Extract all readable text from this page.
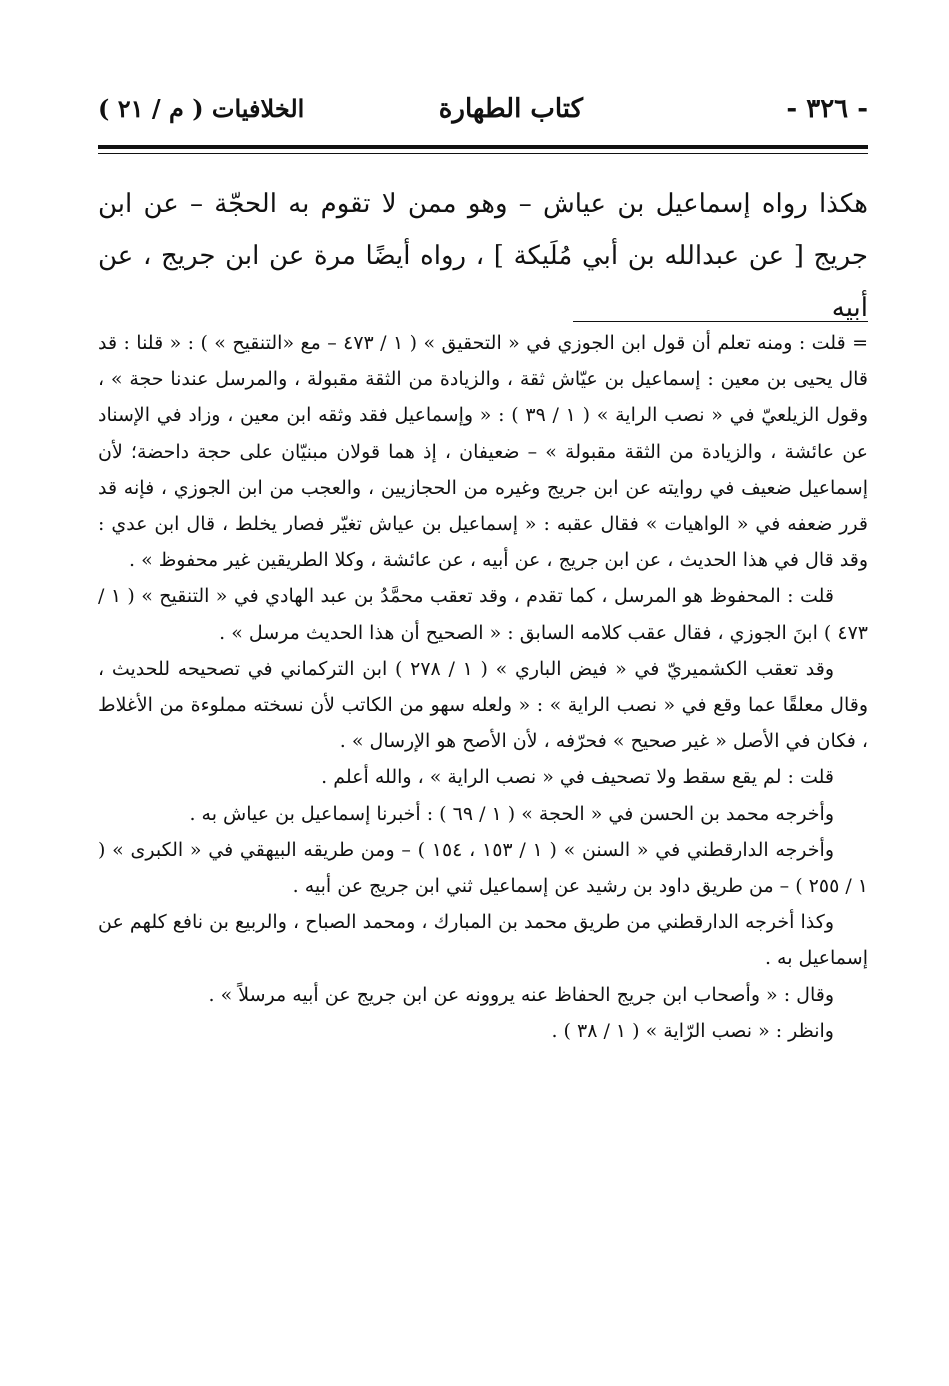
- ٣٢٦ -
كتاب الطهارة
الخلافيات ( م / ٢١ )

هكذا رواه إسماعيل بن عياش – وهو ممن لا تقوم به الحجّة – عن ابن جريج [ عن عبدالله بن أبي مُلَيكة ] ، رواه أيضًا مرة عن ابن جريج ، عن أبيه

= قلت : ومنه تعلم أن قول ابن الجوزي في « التحقيق » ( ١ / ٤٧٣ – مع «التنقيح » ) : « قلنا : قد قال يحيى بن معين : إسماعيل بن عيّاش ثقة ، والزيادة من الثقة مقبولة ، والمرسل عندنا حجة » ، وقول الزيلعيّ في « نصب الراية » ( ١ / ٣٩ ) : « وإسماعيل فقد وثقه ابن معين ، وزاد في الإسناد عن عائشة ، والزيادة من الثقة مقبولة » – ضعيفان ، إذ هما قولان مبنيّان على حجة داحضة؛ لأن إسماعيل ضعيف في روايته عن ابن جريج وغيره من الحجازيين ، والعجب من ابن الجوزي ، فإنه قد قرر ضعفه في « الواهيات » فقال عقبه : « إسماعيل بن عياش تغيّر فصار يخلط ، قال ابن عدي : وقد قال في هذا الحديث ، عن ابن جريج ، عن أبيه ، عن عائشة ، وكلا الطريقين غير محفوظ » .

قلت : المحفوظ هو المرسل ، كما تقدم ، وقد تعقب محمَّدُ بن عبد الهادي في « التنقيح » ( ١ / ٤٧٣ ) ابنَ الجوزي ، فقال عقب كلامه السابق : « الصحيح أن هذا الحديث مرسل » .

وقد تعقب الكشميريّ في « فيض الباري » ( ١ / ٢٧٨ ) ابن التركماني في تصحيحه للحديث ، وقال معلقًا عما وقع في « نصب الراية » : « ولعله سهو من الكاتب لأن نسخته مملوءة من الأغلاط ، فكان في الأصل « غير صحيح » فحرّفه ، لأن الأصح هو الإرسال » .

قلت : لم يقع سقط ولا تصحيف في « نصب الراية » ، والله أعلم .

وأخرجه محمد بن الحسن في « الحجة » ( ١ / ٦٩ ) : أخبرنا إسماعيل بن عياش به .

وأخرجه الدارقطني في « السنن » ( ١ / ١٥٣ ، ١٥٤ ) – ومن طريقه البيهقي في « الكبرى » ( ١ / ٢٥٥ ) – من طريق داود بن رشيد عن إسماعيل ثني ابن جريج عن أبيه .

وكذا أخرجه الدارقطني من طريق محمد بن المبارك ، ومحمد الصباح ، والربيع بن نافع كلهم عن إسماعيل به .

وقال : « وأصحاب ابن جريج الحفاظ عنه يروونه عن ابن جريج عن أبيه مرسلاً » .

وانظر : « نصب الرّاية » ( ١ / ٣٨ ) .
